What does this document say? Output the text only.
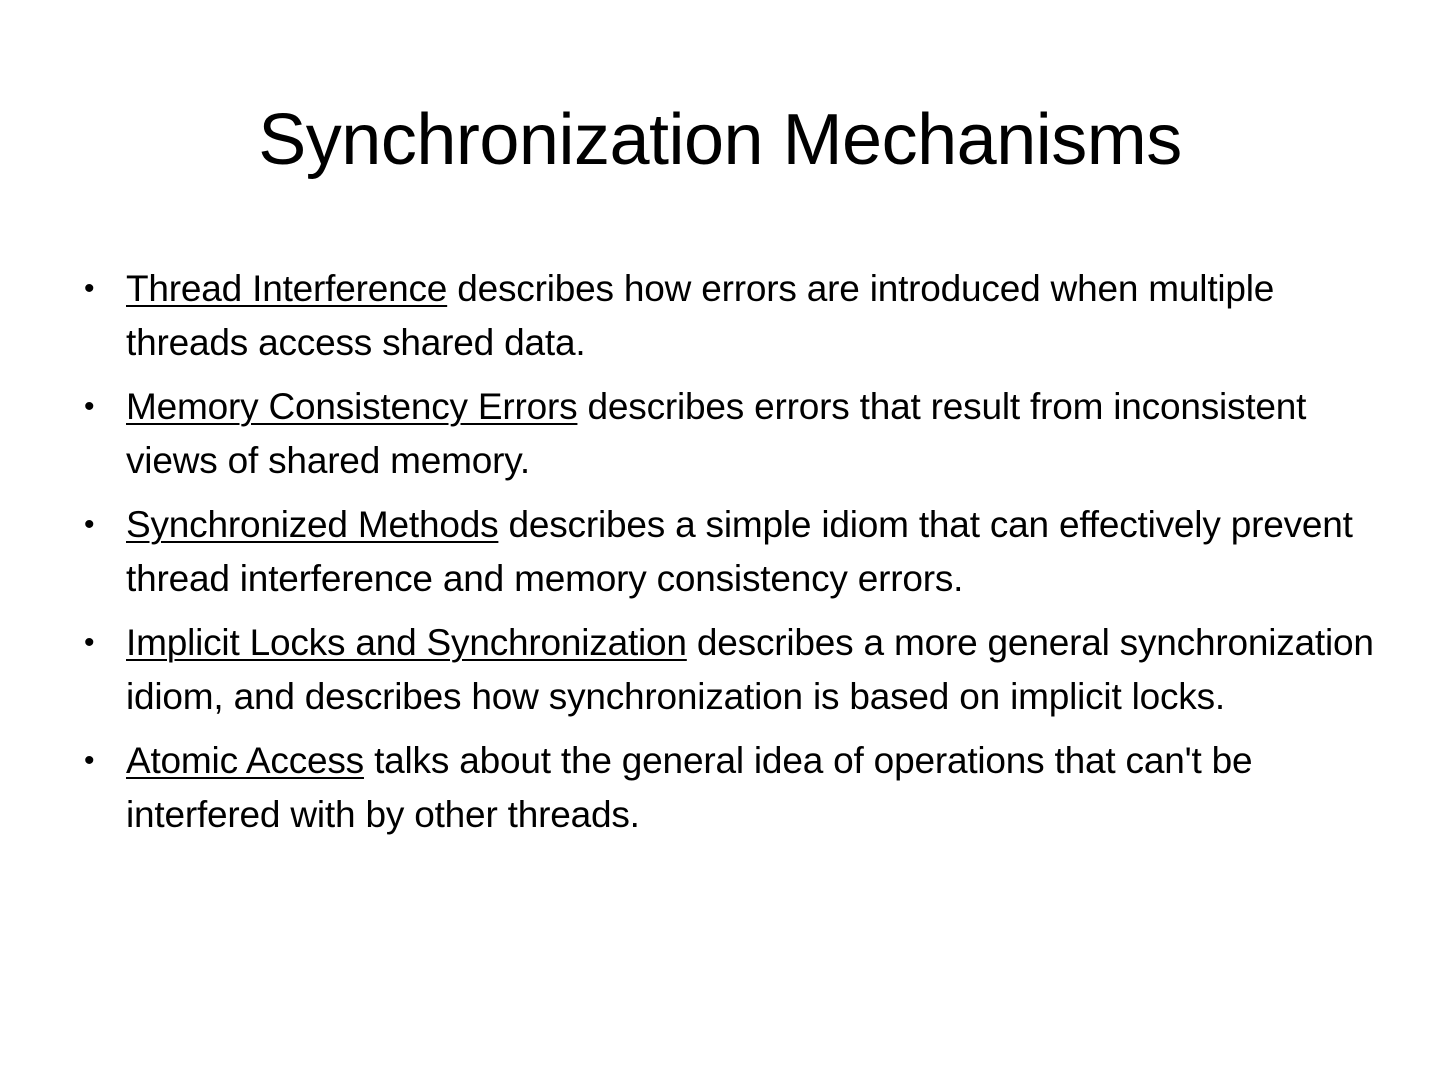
Synchronization Mechanisms
• Thread Interference describes how errors are introduced when multiple threads access shared data.
• Memory Consistency Errors describes errors that result from inconsistent views of shared memory.
• Synchronized Methods describes a simple idiom that can effectively prevent thread interference and memory consistency errors.
• Implicit Locks and Synchronization describes a more general synchronization idiom, and describes how synchronization is based on implicit locks.
• Atomic Access talks about the general idea of operations that can't be interfered with by other threads.
